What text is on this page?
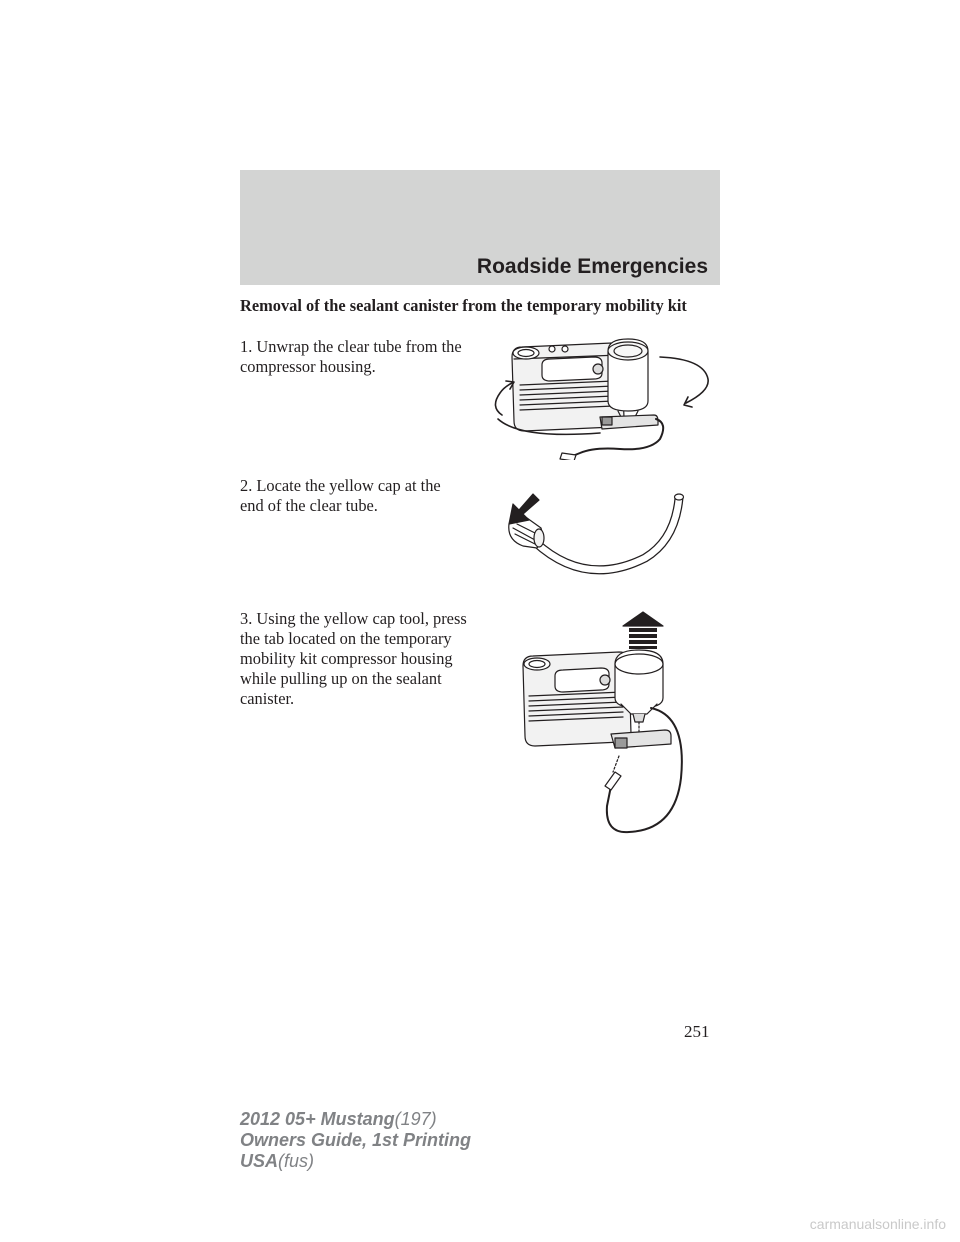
Roadside Emergencies
Removal of the sealant canister from the temporary mobility kit
1. Unwrap the clear tube from the compressor housing.
2. Locate the yellow cap at the end of the clear tube.
3. Using the yellow cap tool, press the tab located on the temporary mobility kit compressor housing while pulling up on the sealant canister.
251
2012 05+ Mustang(197)
Owners Guide, 1st Printing
USA(fus)
carmanualsonline.info
